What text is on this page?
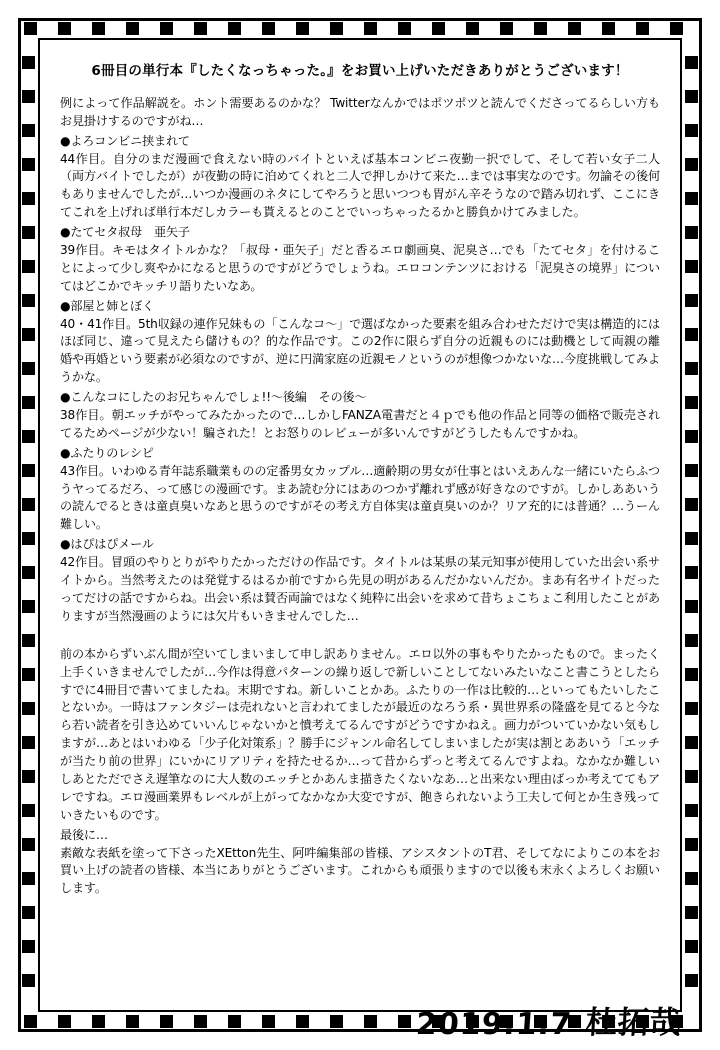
6冊目の単行本『したくなっちゃった。』をお買い上げいただきありがとうございます！

例によって作品解説を。ホント需要あるのかな？ Twitterなんかではポツポツと読んでくださってるらしい方もお見掛けするのですがね…

●よろコンビニ挟まれて

44作目。自分のまだ漫画で食えない時のバイトといえば基本コンビニ夜勤一択でして、そして若い女子二人（両方バイトでしたが）が夜勤の時に泊めてくれと二人で押しかけて来た…までは事実なのです。勿論その後何もありませんでしたが…いつか漫画のネタにしてやろうと思いつつも胃がん辛そうなので踏み切れず、ここにきてこれを上げれば単行本だしカラーも貰えるとのことでいっちゃったるかと勝負かけてみました。

●たてセタ叔母　亜矢子

39作目。キモはタイトルかな？「叔母・亜矢子」だと香るエロ劇画臭、泥臭さ…でも「たてセタ」を付けることによって少し爽やかになると思うのですがどうでしょうね。エロコンテンツにおける「泥臭さの境界」についてはどこかでキッチリ語りたいなあ。

●部屋と姉とぼく

40・41作目。5th収録の連作兄妹もの「こんなコ〜」で選ばなかった要素を組み合わせただけで実は構造的にはほぼ同じ、違って見えたら儲けもの？的な作品です。この2作に限らず自分の近親ものには動機として両親の離婚や再婚という要素が必須なのですが、逆に円満家庭の近親モノというのが想像つかないな…今度挑戦してみようかな。

●こんなコにしたのお兄ちゃんでしょ!!〜後編　その後〜

38作目。朝エッチがやってみたかったので…しかしFANZA電書だと４ｐでも他の作品と同等の価格で販売されてるためページが少ない！騙された！とお怒りのレビューが多いんですがどうしたもんですかね。

●ふたりのレシピ

43作目。いわゆる青年誌系職業ものの定番男女カップル…適齢期の男女が仕事とはいえあんな一緒にいたらふつうヤってるだろ、って感じの漫画です。まあ読む分にはあのつかず離れず感が好きなのですが。しかしああいうの読んでるときは童貞臭いなあと思うのですがその考え方自体実は童貞臭いのか？リア充的には普通？…うーん難しい。

●はぴはぴメール

42作目。冒頭のやりとりがやりたかっただけの作品です。タイトルは某県の某元知事が使用していた出会い系サイトから。当然考えたのは発覚するはるか前ですから先見の明があるんだかないんだか。まあ有名サイトだったってだけの話ですからね。出会い系は賛否両論ではなく純粋に出会いを求めて昔ちょこちょこ利用したことがありますが当然漫画のようには欠片もいきませんでした…

前の本からずいぶん間が空いてしまいまして申し訳ありません。エロ以外の事もやりたかったもので。まったく上手くいきませんでしたが…今作は得意パターンの繰り返しで新しいことしてないみたいなこと書こうとしたらすでに4冊目で書いてましたね。末期ですね。新しいことかあ。ふたりの一作は比較的…といってもたいしたことないか。一時はファンタジーは売れないと言われてましたが最近のなろう系・異世界系の隆盛を見てると今なら若い読者を引き込めていいんじゃないかと憤考えてるんですがどうですかねえ。画力がついていかない気もしますが…あとはいわゆる「少子化対策系」？勝手にジャンル命名してしまいましたが実は割とああいう「エッチが当たり前の世界」にいかにリアリティを持たせるか…って昔からずっと考えてるんですよね。なかなか難しいしあとただでさえ遅筆なのに大人数のエッチとかあんま描きたくないなあ…と出来ない理由ばっか考えててもアレですね。エロ漫画業界もレベルが上がってなかなか大変ですが、飽きられないよう工夫して何とか生き残っていきたいものです。

最後に…

素敵な表紙を塗って下さったXEtton先生、阿吽編集部の皆様、アシスタントのT君、そしてなによりこの本をお買い上げの読者の皆様、本当にありがとうございます。これからも頑張りますので以後も末永くよろしくお願いします。

2019.1.7 杜拓哉
